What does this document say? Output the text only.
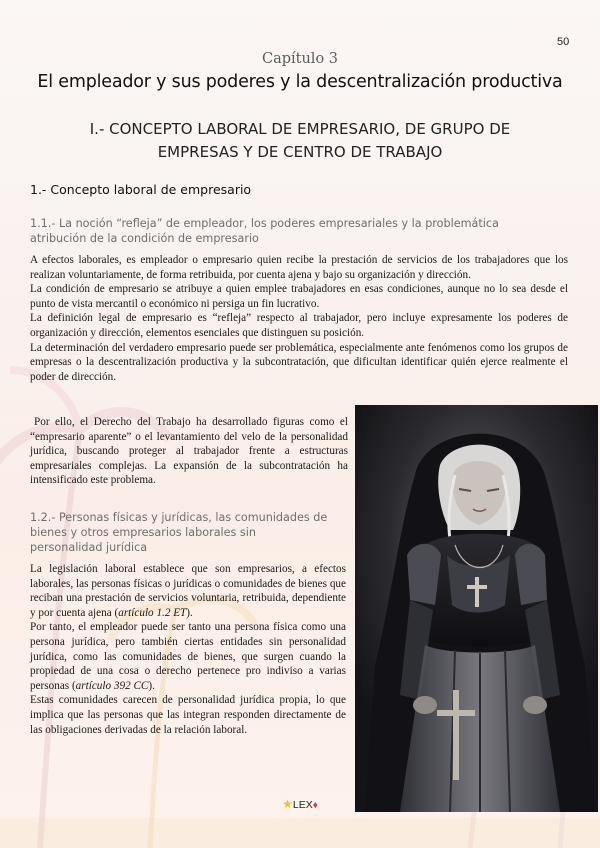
50
Capítulo 3
El empleador y sus poderes y la descentralización productiva
I.- CONCEPTO LABORAL DE EMPRESARIO, DE GRUPO DE
EMPRESAS Y DE CENTRO DE TRABAJO
1.- Concepto laboral de empresario
1.1.- La noción “refleja” de empleador, los poderes empresariales y la problemática
atribución de la condición de empresario
A efectos laborales, es empleador o empresario quien recibe la prestación de servicios de los trabajadores que los realizan voluntariamente, de forma retribuida, por cuenta ajena y bajo su organización y dirección.
La condición de empresario se atribuye a quien emplee trabajadores en esas condiciones, aunque no lo sea desde el punto de vista mercantil o económico ni persiga un fin lucrativo.
La definición legal de empresario es “refleja” respecto al trabajador, pero incluye expresamente los poderes de organización y dirección, elementos esenciales que distinguen su posición.
La determinación del verdadero empresario puede ser problemática, especialmente ante fenómenos como los grupos de empresas o la descentralización productiva y la subcontratación, que dificultan identificar quién ejerce realmente el poder de dirección.
Por ello, el Derecho del Trabajo ha desarrollado figuras como el “empresario aparente” o el levantamiento del velo de la personalidad jurídica, buscando proteger al trabajador frente a estructuras empresariales complejas. La expansión de la subcontratación ha intensificado este problema.
1.2.- Personas físicas y jurídicas, las comunidades de
bienes y otros empresarios laborales sin
personalidad jurídica
La legislación laboral establece que son empresarios, a efectos laborales, las personas físicas o jurídicas o comunidades de bienes que reciban una prestación de servicios voluntaria, retribuida, dependiente y por cuenta ajena (artículo 1.2 ET).
Por tanto, el empleador puede ser tanto una persona física como una persona jurídica, pero también ciertas entidades sin personalidad jurídica, como las comunidades de bienes, que surgen cuando la propiedad de una cosa o derecho pertenece pro indiviso a varias personas (artículo 392 CC).
Estas comunidades carecen de personalidad jurídica propia, lo que implica que las personas que las integran responden directamente de las obligaciones derivadas de la relación laboral.
★LEX♦
